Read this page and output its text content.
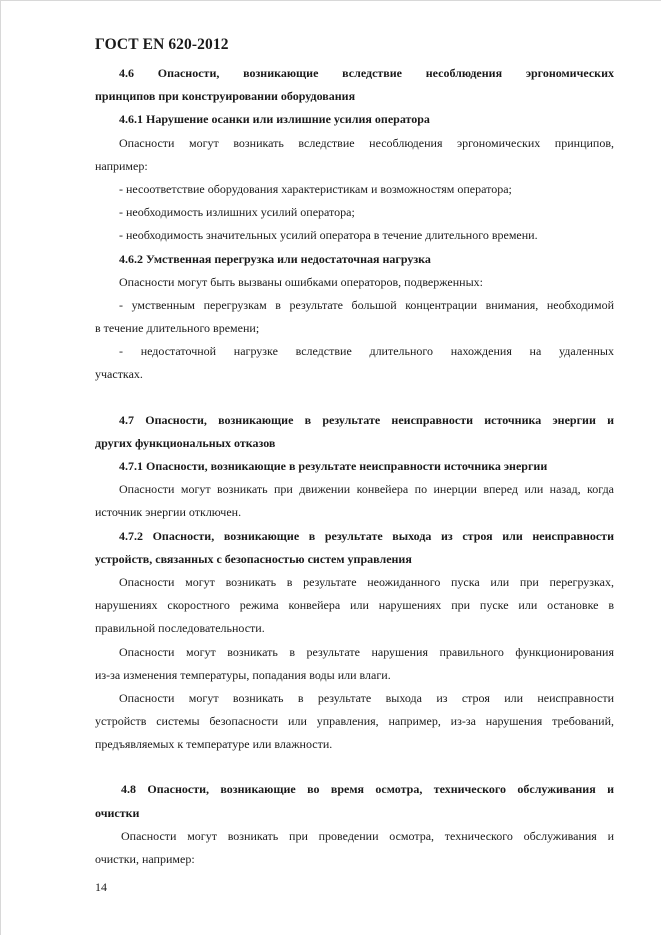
ГОСТ EN 620-2012
4.6 Опасности, возникающие вследствие несоблюдения эргономических
принципов при конструировании оборудования
4.6.1 Нарушение осанки или излишние усилия оператора
Опасности могут возникать вследствие несоблюдения эргономических принципов,
например:
- несоответствие оборудования характеристикам и возможностям оператора;
- необходимость излишних усилий оператора;
- необходимость значительных усилий оператора в течение длительного времени.
4.6.2 Умственная перегрузка или недостаточная нагрузка
Опасности могут быть вызваны ошибками операторов, подверженных:
- умственным перегрузкам в результате большой концентрации внимания, необходимой
в течение длительного времени;
- недостаточной нагрузке вследствие длительного нахождения на удаленных
участках.
4.7 Опасности, возникающие в результате неисправности источника энергии и
других функциональных отказов
4.7.1 Опасности, возникающие в результате неисправности источника энергии
Опасности могут возникать при движении конвейера по инерции вперед или назад, когда
источник энергии отключен.
4.7.2 Опасности, возникающие в результате выхода из строя или неисправности
устройств, связанных с безопасностью систем управления
Опасности могут возникать в результате неожиданного пуска или при перегрузках,
нарушениях скоростного режима конвейера или нарушениях при пуске или остановке в
правильной последовательности.
Опасности могут возникать в результате нарушения правильного функционирования
из-за изменения температуры, попадания воды или влаги.
Опасности могут возникать в результате выхода из строя или неисправности
устройств системы безопасности или управления, например, из-за нарушения требований,
предъявляемых к температуре или влажности.
4.8 Опасности, возникающие во время осмотра, технического обслуживания и
очистки
Опасности могут возникать при проведении осмотра, технического обслуживания и
очистки, например:
14
